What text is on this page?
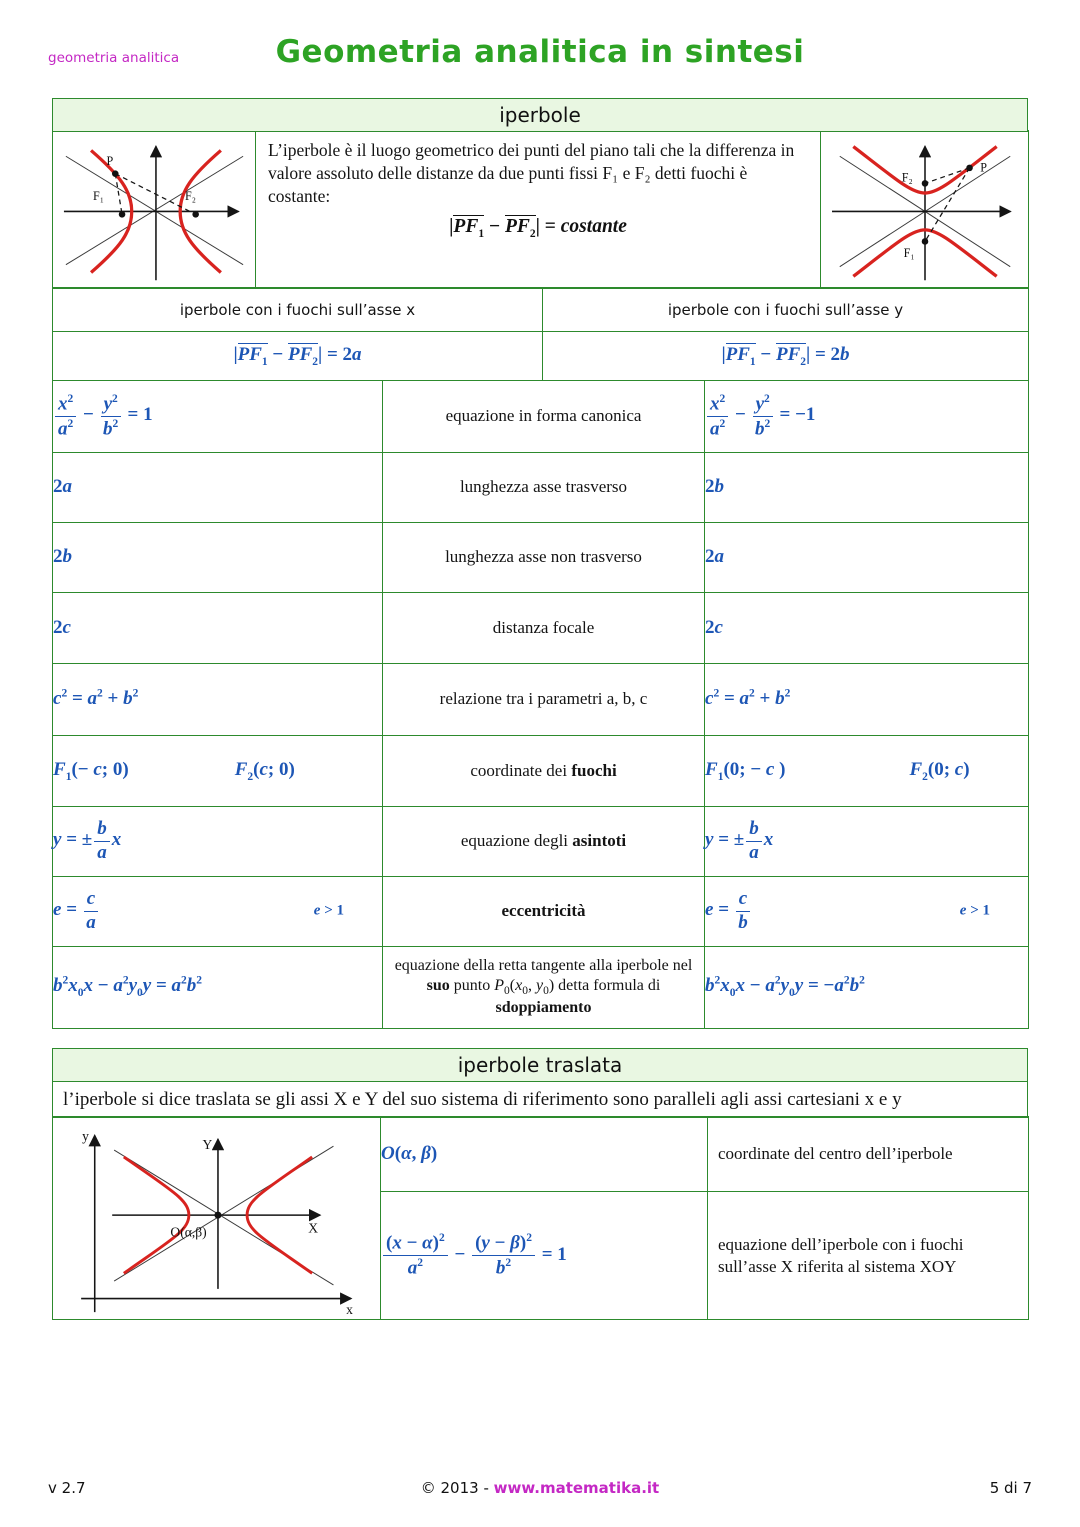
geometria analitica	Geometria analitica in sintesi
iperbole
P
F₁	F₂

L’iperbole è il luogo geometrico dei punti del piano tali che la differenza in valore assoluto delle distanze da due punti fissi F₁ e F₂ detti fuochi è costante:
$|PF_1 - PF_2|$ = costante

P
F₂
F₁
iperbole con i fuochi sull’asse x	iperbole con i fuochi sull’asse y
$|PF_1 - PF_2| = 2a$	$|PF_1 - PF_2| = 2b$
$\frac{x^2}{a^2} - \frac{y^2}{b^2} = 1$	equazione in forma canonica	$\frac{x^2}{a^2} - \frac{y^2}{b^2} = -1$
2a	lunghezza asse trasverso	2b
2b	lunghezza asse non trasverso	2a
2c	distanza focale	2c
$c^2 = a^2 + b^2$	relazione tra i parametri a, b, c	$c^2 = a^2 + b^2$
$F_1(- c$; 0) $F_2(c$; 0)	coordinate dei fuochi	$F_1(0$; − c ) $F_2(0$; c)
y = ± $\frac{b}{a}$ x	equazione degli asintoti	y = ± $\frac{b}{a}$ x
$e = \frac{c}{a}$ e > 1	eccentricità	$e = \frac{c}{b}$ e > 1

$b^2x_0x - a^2y_0y = a^2b^2$	equazione della retta tangente alla iperbole nel suo punto $P_0(x_0$, $y_0$) detta formula di sdoppiamento	$b^2x_0x - a^2y_0y = -a^2b^2$
iperbole traslata
l’iperbole si dice traslata se gli assi X e Y del suo sistema di riferimento sono paralleli agli assi cartesiani x e y
O(α,β) X
Y
x
y	O(α, β)	coordinate del centro dell’iperbole

$\frac{(x - \alpha)^2}{a^2} - \frac{(y - \beta)^2}{b^2} = 1$	equazione dell’iperbole con i fuochi sull’asse X riferita al sistema XOY
v 2.7	© 2013 - www.matematika.it	5 di 7
